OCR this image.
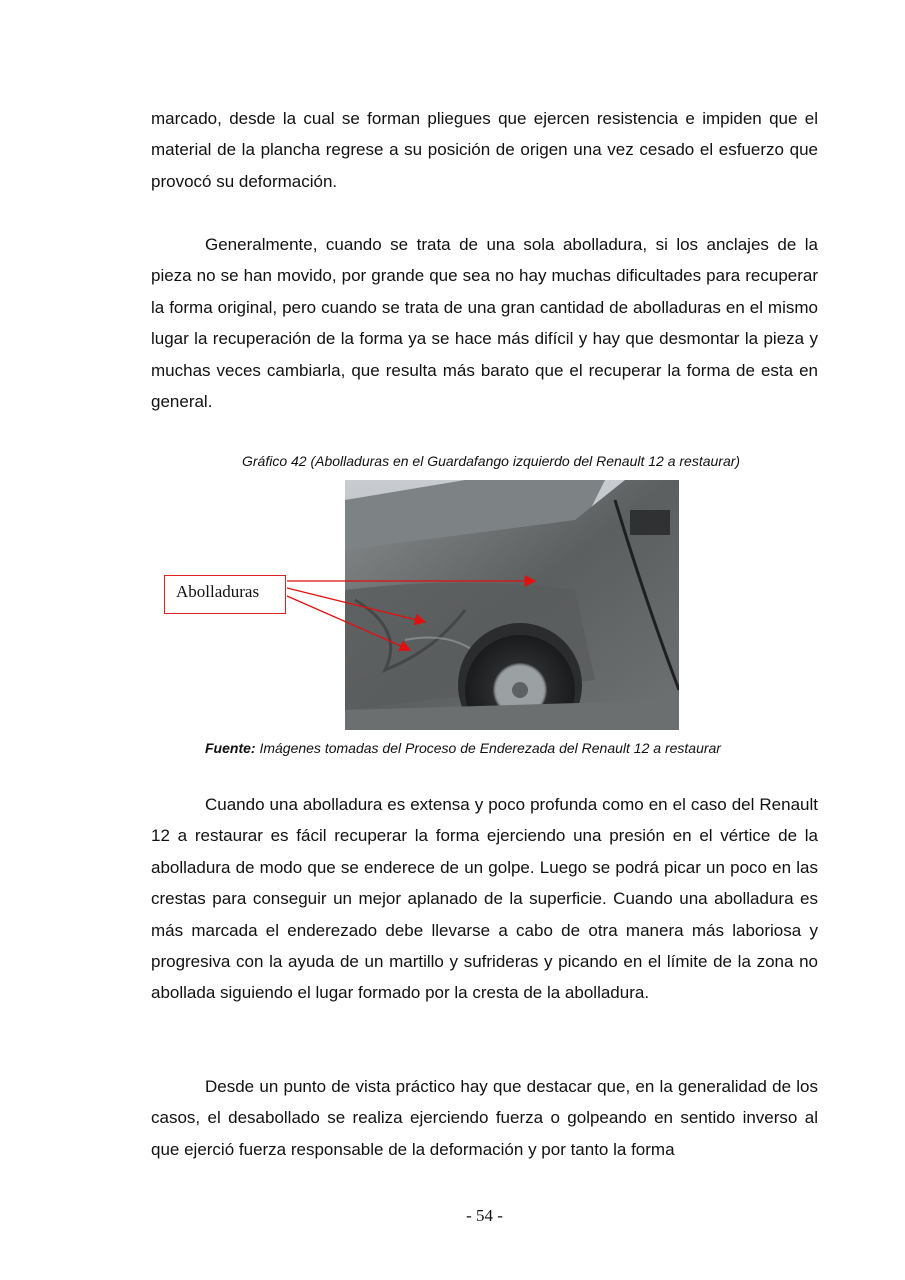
marcado, desde la cual se forman pliegues que ejercen resistencia e impiden que el material de la plancha regrese a su posición de origen una vez cesado el esfuerzo que provocó su deformación.

Generalmente, cuando se trata de una sola abolladura, si los anclajes de la pieza no se han movido, por grande que sea no hay muchas dificultades para recuperar la forma original, pero cuando se trata de una gran cantidad de abolladuras en el mismo lugar la recuperación de la forma ya se hace más difícil y hay que desmontar la pieza y muchas veces cambiarla, que resulta más barato que el recuperar la forma de esta en general.

Gráfico 42 (Abolladuras en el Guardafango izquierdo del Renault 12 a restaurar)

Abolladuras

Fuente: Imágenes tomadas del Proceso de Enderezada del Renault 12 a restaurar

Cuando una abolladura es extensa y poco profunda como en el caso del Renault 12 a restaurar es fácil recuperar la forma ejerciendo una presión en el vértice de la abolladura de modo que se enderece de un golpe. Luego se podrá picar un poco en las crestas para conseguir un mejor aplanado de la superficie. Cuando una abolladura es más marcada el enderezado debe llevarse a cabo de otra manera más laboriosa y progresiva con la ayuda de un martillo y sufrideras y picando en el límite de la zona no abollada siguiendo el lugar formado por la cresta de la abolladura.

Desde un punto de vista práctico hay que destacar que, en la generalidad de los casos, el desabollado se realiza ejerciendo fuerza o golpeando en sentido inverso al que ejerció fuerza responsable de la deformación y por tanto la forma

- 54 -
